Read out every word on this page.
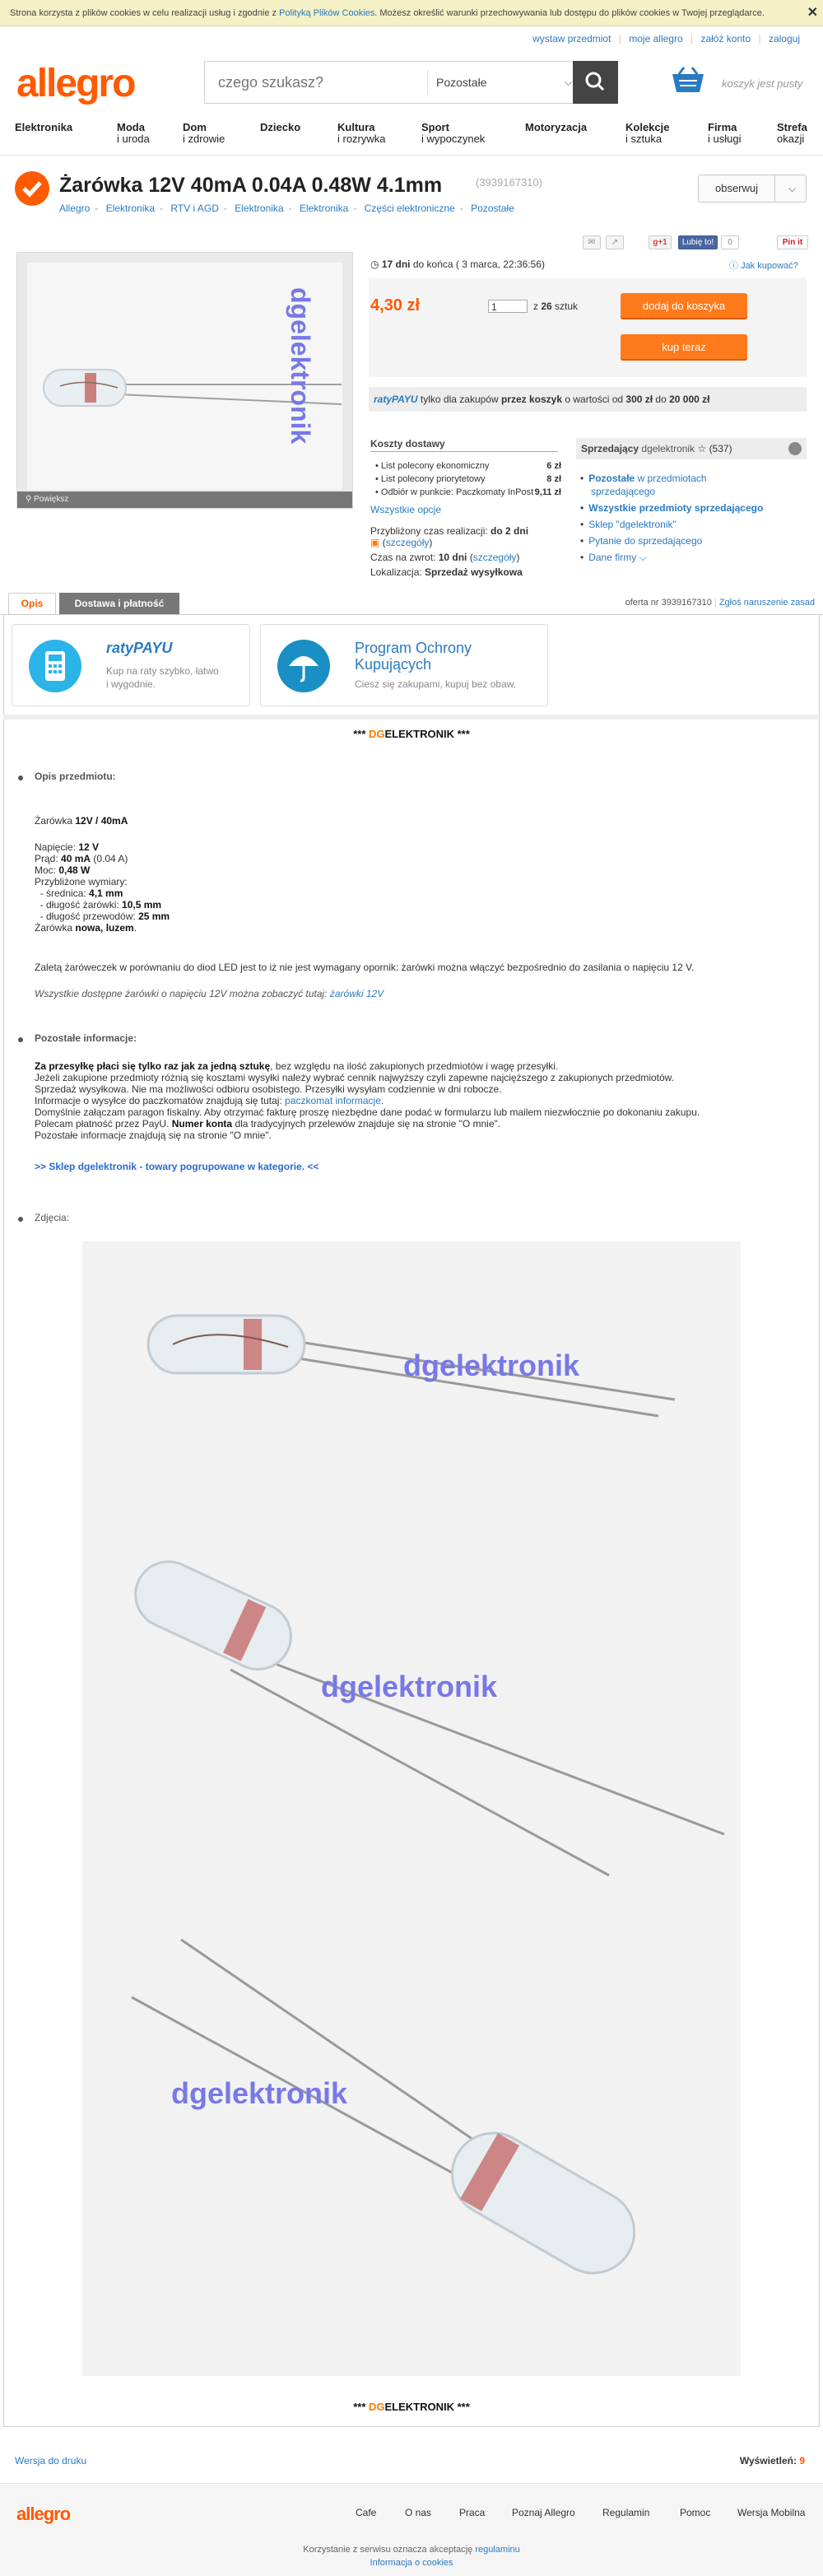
Strona korzysta z plików cookies w celu realizacji usług i zgodnie z Polityką Plików Cookies. Możesz określić warunki przechowywania lub dostępu do plików cookies w Twojej przeglądarce.	✕
wystaw przedmiot | moje allegro | załóż konto | zaloguj
allegro
czego szukasz?	Pozostałe	⌵	koszyk jest pusty
Elektronika	Moda
i uroda
Dom
i zdrowie
Dziecko	Kultura
i rozrywka
Sport
i wypoczynek
Motoryzacja	Kolekcje
i sztuka
Firma
i usługi
Strefa
okazji
Żarówka 12V 40mA 0.04A 0.48W 4.1mm	(3939167310)
Allegro - Elektronika - RTV i AGD - Elektronika - Elektronika - Części elektroniczne - Pozostałe
obserwuj	⌵
✉	↗	g+1	Lubię to!	0	Pin it
dgelektronik
⚲ Powiększ
◷ 17 dni do końca ( 3 marca, 22:36:56)	ⓘ Jak kupować?
4,30 zł	1	z 26 sztuk	dodaj do koszyka
kup teraz
ratyPAYU tylko dla zakupów przez koszyk o wartości od 300 zł do 20 000 zł
Koszty dostawy
• List polecony ekonomiczny	6 zł
• List polecony priorytetowy	8 zł
• Odbiór w punkcie: Paczkomaty InPost 9,11 zł
Wszystkie opcje
Przybliżony czas realizacji: do 2 dni
▣ (szczegóły)
Czas na zwrot: 10 dni (szczegóły)
Lokalizacja: Sprzedaż wysyłkowa
Sprzedający dgelektronik ☆ (537)
• Pozostałe w przedmiotach
sprzedającego
• Wszystkie przedmioty sprzedającego
• Sklep "dgelektronik"
• Pytanie do sprzedającego
• Dane firmy ⌵
Opis	Dostawa i płatność	oferta nr 3939167310 | Zgłoś naruszenie zasad
ratyPAYU
Kup na raty szybko, łatwo
i wygodnie.
Program Ochrony
Kupujących
Ciesz się zakupami, kupuj bez obaw.
*** DGELEKTRONIK ***
Opis przedmiotu:
Żarówka 12V / 40mA
Napięcie: 12 V
Prąd: 40 mA (0.04 A)
Moc: 0,48 W
Przybliżone wymiary:
- średnica: 4,1 mm
- długość żarówki: 10,5 mm
- długość przewodów: 25 mm
Żarówka nowa, luzem.
Zaletą żaróweczek w porównaniu do diod LED jest to iż nie jest wymagany opornik: żarówki można włączyć bezpośrednio do zasilania o napięciu 12 V.
Wszystkie dostępne żarówki o napięciu 12V można zobaczyć tutaj: żarówki 12V
Pozostałe informacje:
Za przesyłkę płaci się tylko raz jak za jedną sztukę, bez względu na ilość zakupionych przedmiotów i wagę przesyłki.
Jeżeli zakupione przedmioty różnią się kosztami wysyłki należy wybrać cennik najwyższy czyli zapewne najcięższego z zakupionych przedmiotów.
Sprzedaż wysyłkowa. Nie ma możliwości odbioru osobistego. Przesyłki wysyłam codziennie w dni robocze.
Informacje o wysyłce do paczkomatów znajdują się tutaj: paczkomat informacje.
Domyślnie załączam paragon fiskalny. Aby otrzymać fakturę proszę niezbędne dane podać w formularzu lub mailem niezwłocznie po dokonaniu zakupu.
Polecam płatność przez PayU. Numer konta dla tradycyjnych przelewów znajduje się na stronie "O mnie".
Pozostałe informacje znajdują się na stronie "O mnie".
>> Sklep dgelektronik - towary pogrupowane w kategorie. <<
Zdjęcia:
dgelektronik
dgelektronik
dgelektronik
*** DGELEKTRONIK ***
Wersja do druku	Wyświetleń: 9
allegro	Cafe	O nas	Praca	Poznaj Allegro	Regulamin	Pomoc	Wersja Mobilna
Korzystanie z serwisu oznacza akceptację regulaminu
Informacja o cookies
